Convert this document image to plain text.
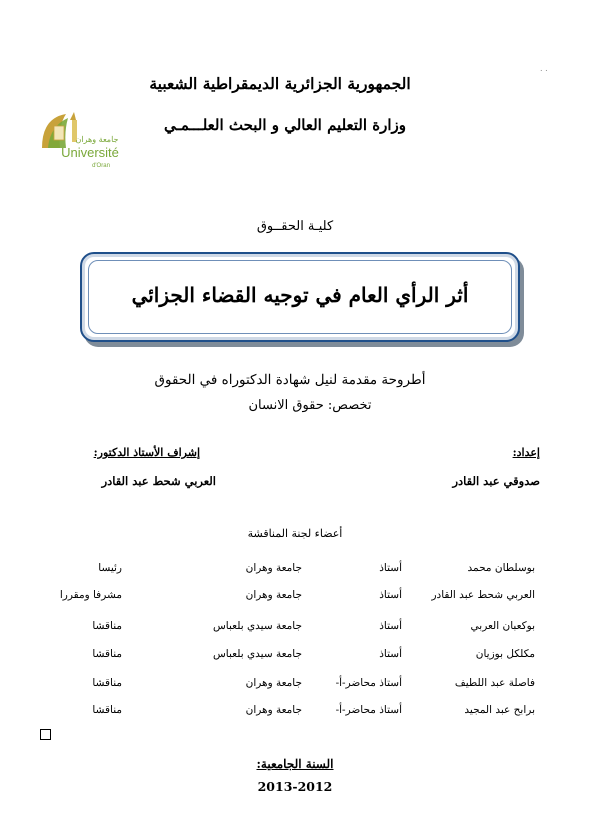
. .
الجمهورية الجزائرية الديمقراطية الشعبية
وزارة التعليم العالي و البحث العلـــمـي
جامعة وهران
Université
d'Oran
كليـة الحقــوق
أثر الرأي العام في توجيه القضاء الجزائي
أطروحة مقدمة لنيل شهادة الدكتوراه في الحقوق
تخصص: حقوق الانسان
إعداد:
إشراف الأستاذ الدكتور:
صدوقي عبد القادر
العربي شحط عبد القادر
أعضاء لجنة المناقشة
بوسلطان محمد
أستاذ
جامعة وهران
رئيسا
العربي شحط عبد القادر
أستاذ
جامعة وهران
مشرفا ومقررا
بوكعبان العربي
أستاذ
جامعة سيدي بلعباس
مناقشا
مكلكل بوزيان
أستاذ
جامعة سيدي بلعباس
مناقشا
فاصلة عبد اللطيف
أستاذ محاضر-أ-
جامعة وهران
مناقشا
برابح عبد المجيد
أستاذ محاضر-أ-
جامعة وهران
مناقشا
السنة الجامعية:
2013-2012
